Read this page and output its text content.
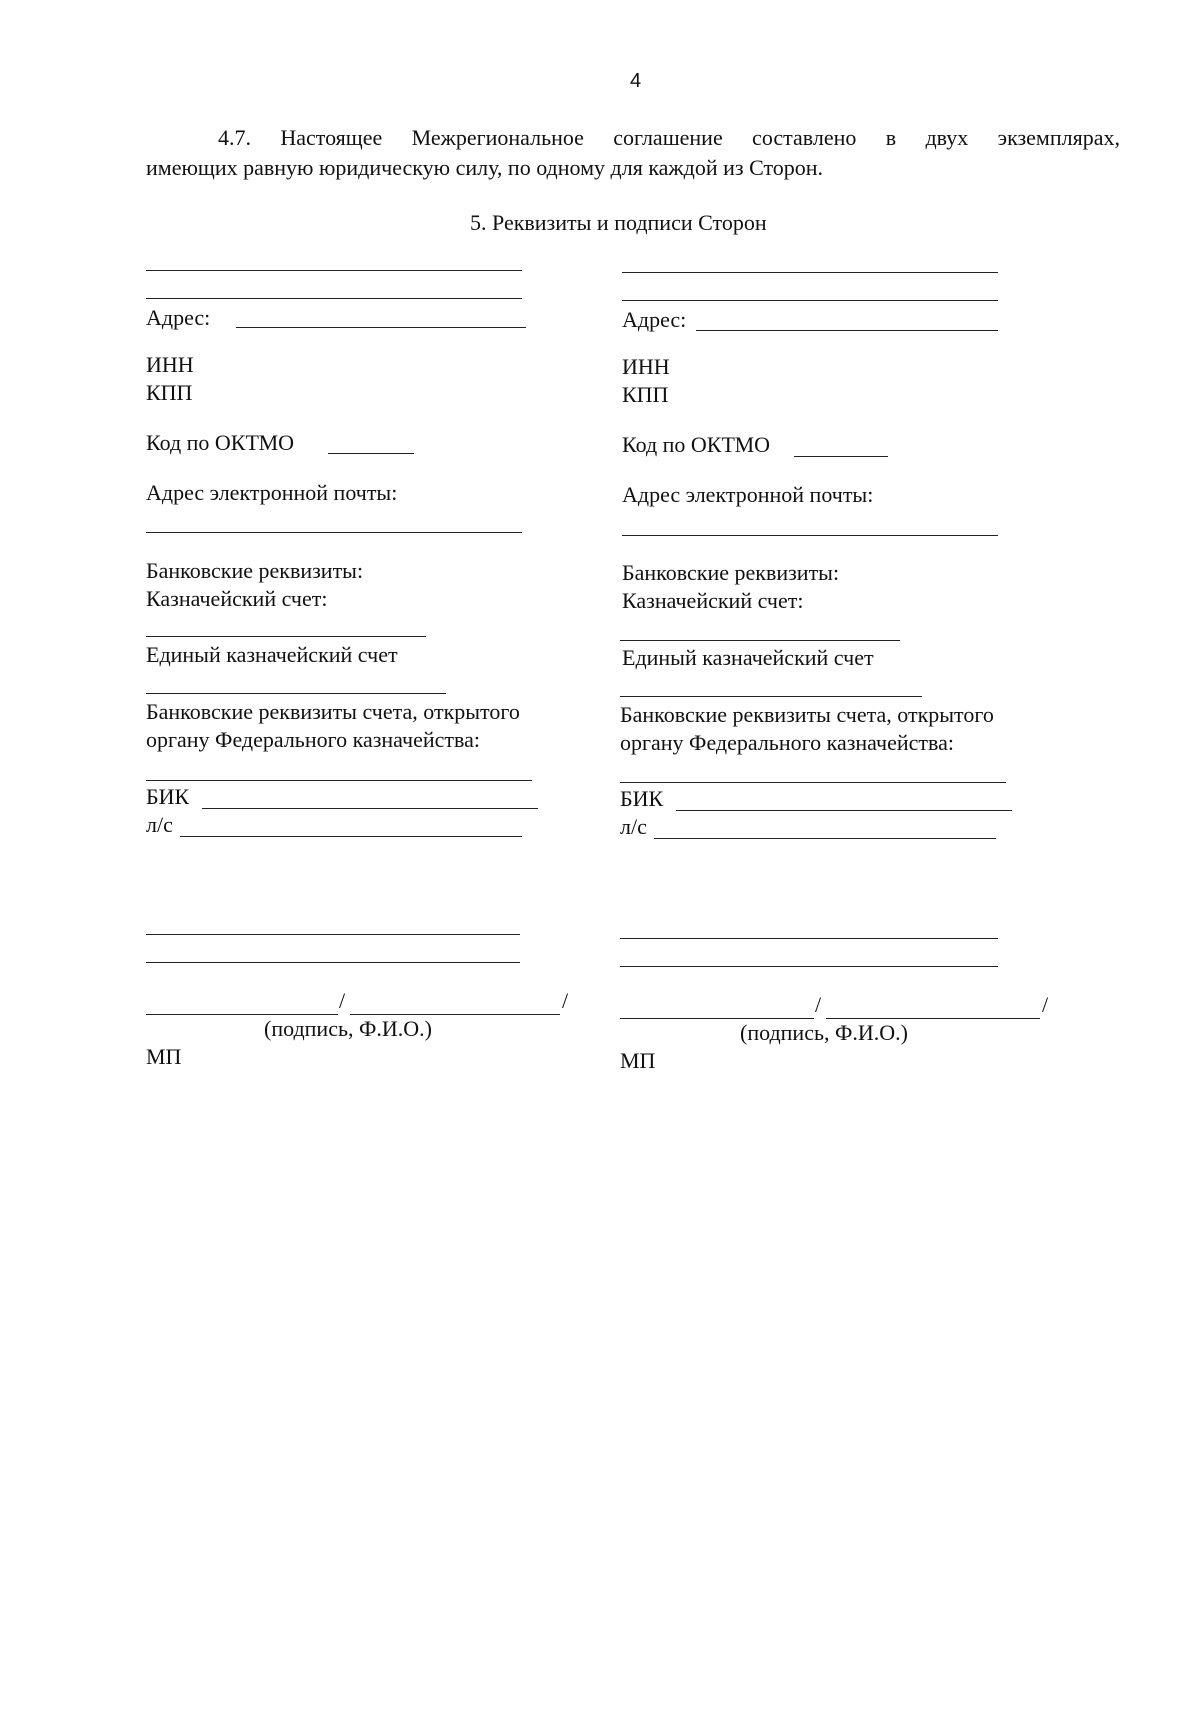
4
4.7. Настоящее Межрегиональное соглашение составлено в двух экземплярах,
имеющих равную юридическую силу, по одному для каждой из Сторон.
5. Реквизиты и подписи Сторон
Адрес:
ИНН
КПП
Код по ОКТМО
Адрес электронной почты:
Банковские реквизиты:
Казначейский счет:
Единый казначейский счет
Банковские реквизиты счета, открытого
органу Федерального казначейства:
БИК
л/с
/	/
(подпись, Ф.И.О.)
МП
Адрес:
ИНН
КПП
Код по ОКТМО
Адрес электронной почты:
Банковские реквизиты:
Казначейский счет:
Единый казначейский счет
Банковские реквизиты счета, открытого
органу Федерального казначейства:
БИК
л/с
/	/
(подпись, Ф.И.О.)
МП
